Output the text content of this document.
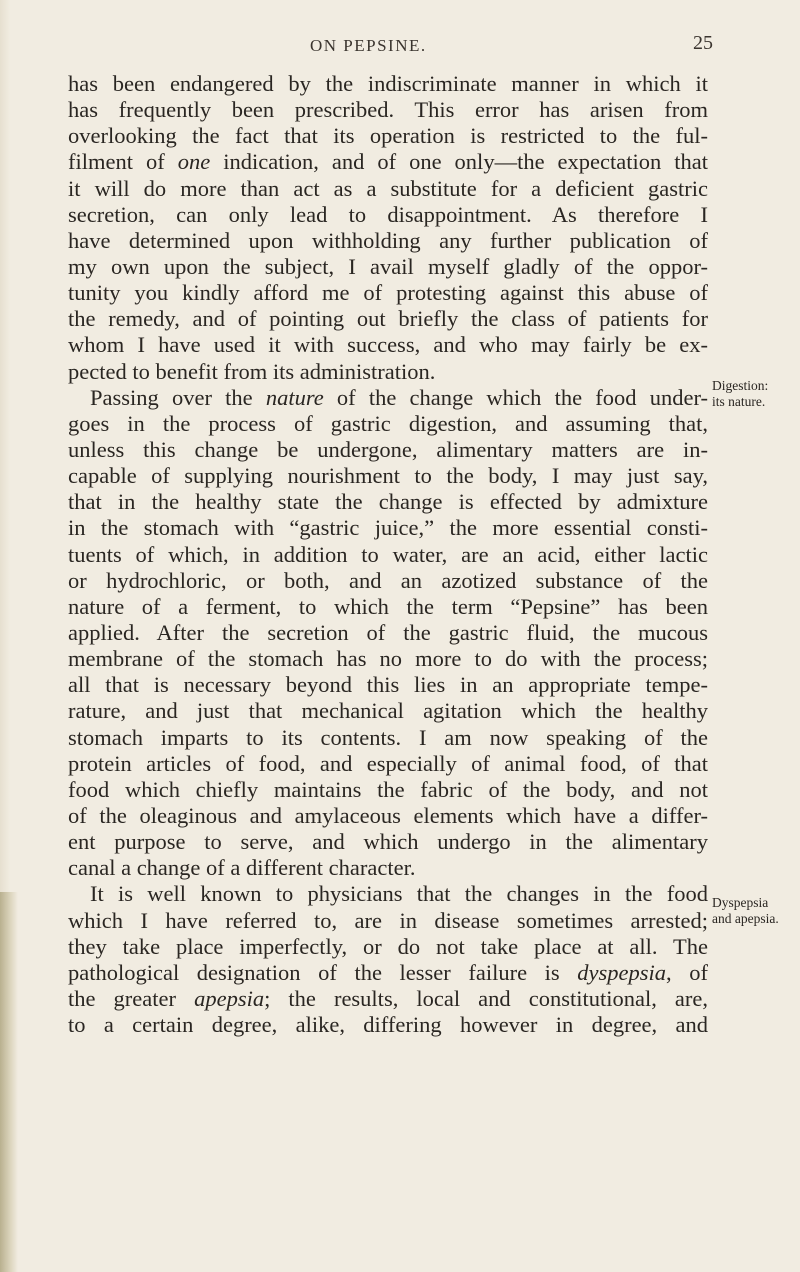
ON PEPSINE.	25
has been endangered by the indiscriminate manner in which it
has frequently been prescribed. This error has arisen from
overlooking the fact that its operation is restricted to the ful-
filment of one indication, and of one only—the expectation that
it will do more than act as a substitute for a deficient gastric
secretion, can only lead to disappointment. As therefore I
have determined upon withholding any further publication of
my own upon the subject, I avail myself gladly of the oppor-
tunity you kindly afford me of protesting against this abuse of
the remedy, and of pointing out briefly the class of patients for
whom I have used it with success, and who may fairly be ex-
pected to benefit from its administration.
Passing over the nature of the change which the food under-
goes in the process of gastric digestion, and assuming that,
unless this change be undergone, alimentary matters are in-
capable of supplying nourishment to the body, I may just say,
that in the healthy state the change is effected by admixture
in the stomach with “gastric juice,” the more essential consti-
tuents of which, in addition to water, are an acid, either lactic
or hydrochloric, or both, and an azotized substance of the
nature of a ferment, to which the term “Pepsine” has been
applied. After the secretion of the gastric fluid, the mucous
membrane of the stomach has no more to do with the process;
all that is necessary beyond this lies in an appropriate tempe-
rature, and just that mechanical agitation which the healthy
stomach imparts to its contents. I am now speaking of the
protein articles of food, and especially of animal food, of that
food which chiefly maintains the fabric of the body, and not
of the oleaginous and amylaceous elements which have a differ-
ent purpose to serve, and which undergo in the alimentary
canal a change of a different character.
It is well known to physicians that the changes in the food
which I have referred to, are in disease sometimes arrested;
they take place imperfectly, or do not take place at all. The
pathological designation of the lesser failure is dyspepsia, of
the greater apepsia; the results, local and constitutional, are,
to a certain degree, alike, differing however in degree, and
Digestion:
its nature.
Dyspepsia
and apepsia.
